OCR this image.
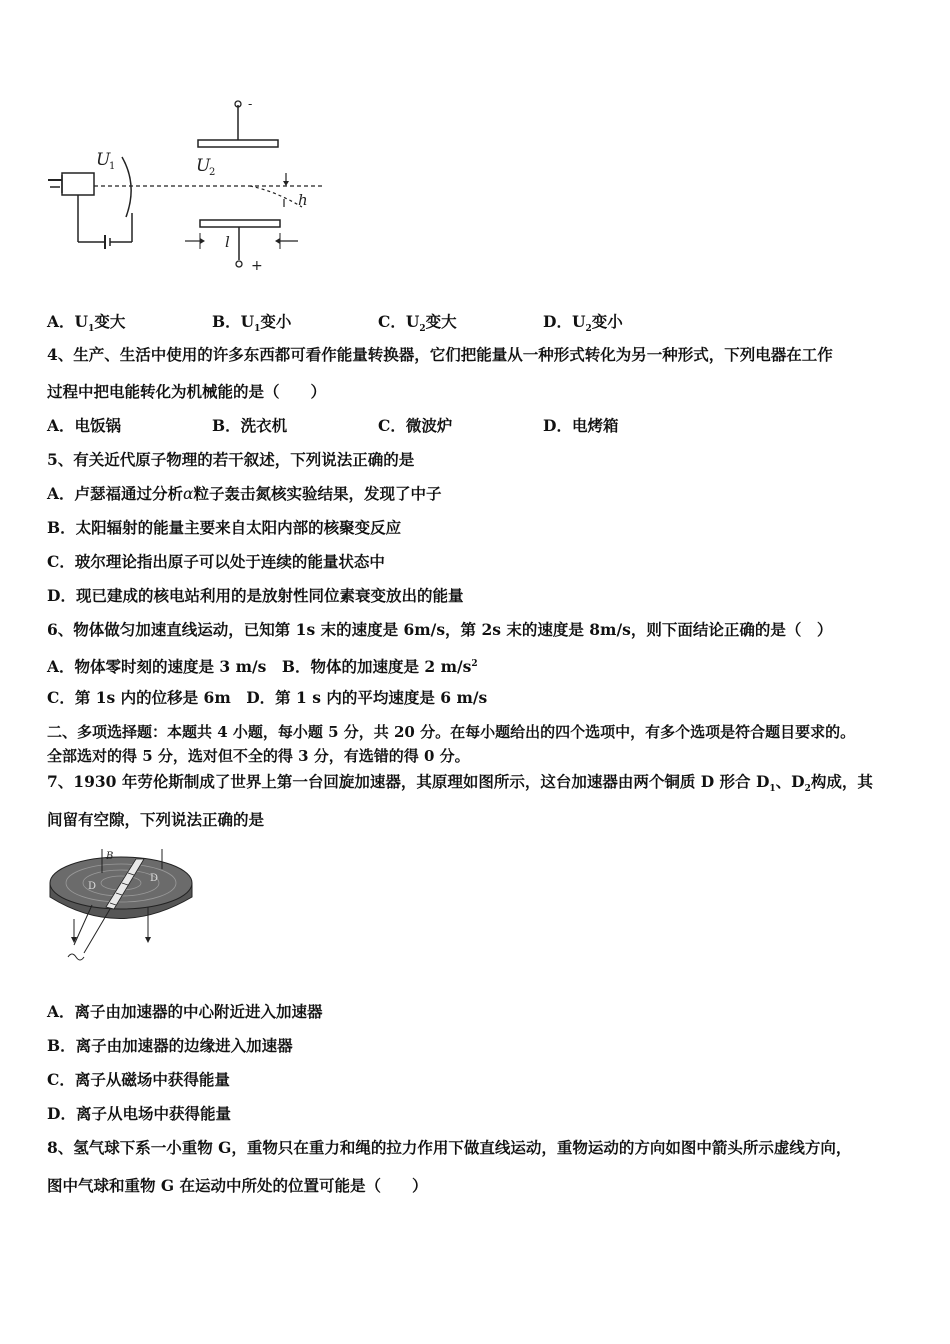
U
1
-
U
2
+
h
l
A．$U_1$变大	B．$U_1$变小	C．$U_2$变大	D．$U_2$变小
4、生产、生活中使用的许多东西都可看作能量转换器，它们把能量从一种形式转化为另一种形式，下列电器在工作
过程中把电能转化为机械能的是（　　）
A．电饭锅	B．洗衣机	C．微波炉	D．电烤箱
5、有关近代原子物理的若干叙述，下列说法正确的是
A．卢瑟福通过分析α粒子轰击氮核实验结果，发现了中子
B．太阳辐射的能量主要来自太阳内部的核聚变反应
C．玻尔理论指出原子可以处于连续的能量状态中
D．现已建成的核电站利用的是放射性同位素衰变放出的能量
6、物体做匀加速直线运动，已知第 1s 末的速度是 6m/s，第 2s 末的速度是 8m/s，则下面结论正确的是（　）
A．物体零时刻的速度是 3 m/s　B．物体的加速度是 2 $m/s^2$
C．第 1s 内的位移是 6m　D．第 1 s 内的平均速度是 6 m/s
二、多项选择题：本题共 4 小题，每小题 5 分，共 20 分。在每小题给出的四个选项中，有多个选项是符合题目要求的。
全部选对的得 5 分，选对但不全的得 3 分，有选错的得 0 分。
7、1930 年劳伦斯制成了世界上第一台回旋加速器，其原理如图所示，这台加速器由两个铜质 D 形合 $D_1$、$D_2$构成，其
间留有空隙，下列说法正确的是
B
D
D
A．离子由加速器的中心附近进入加速器
B．离子由加速器的边缘进入加速器
C．离子从磁场中获得能量
D．离子从电场中获得能量
8、氢气球下系一小重物 G，重物只在重力和绳的拉力作用下做直线运动，重物运动的方向如图中箭头所示虚线方向，
图中气球和重物 G 在运动中所处的位置可能是（　　）
